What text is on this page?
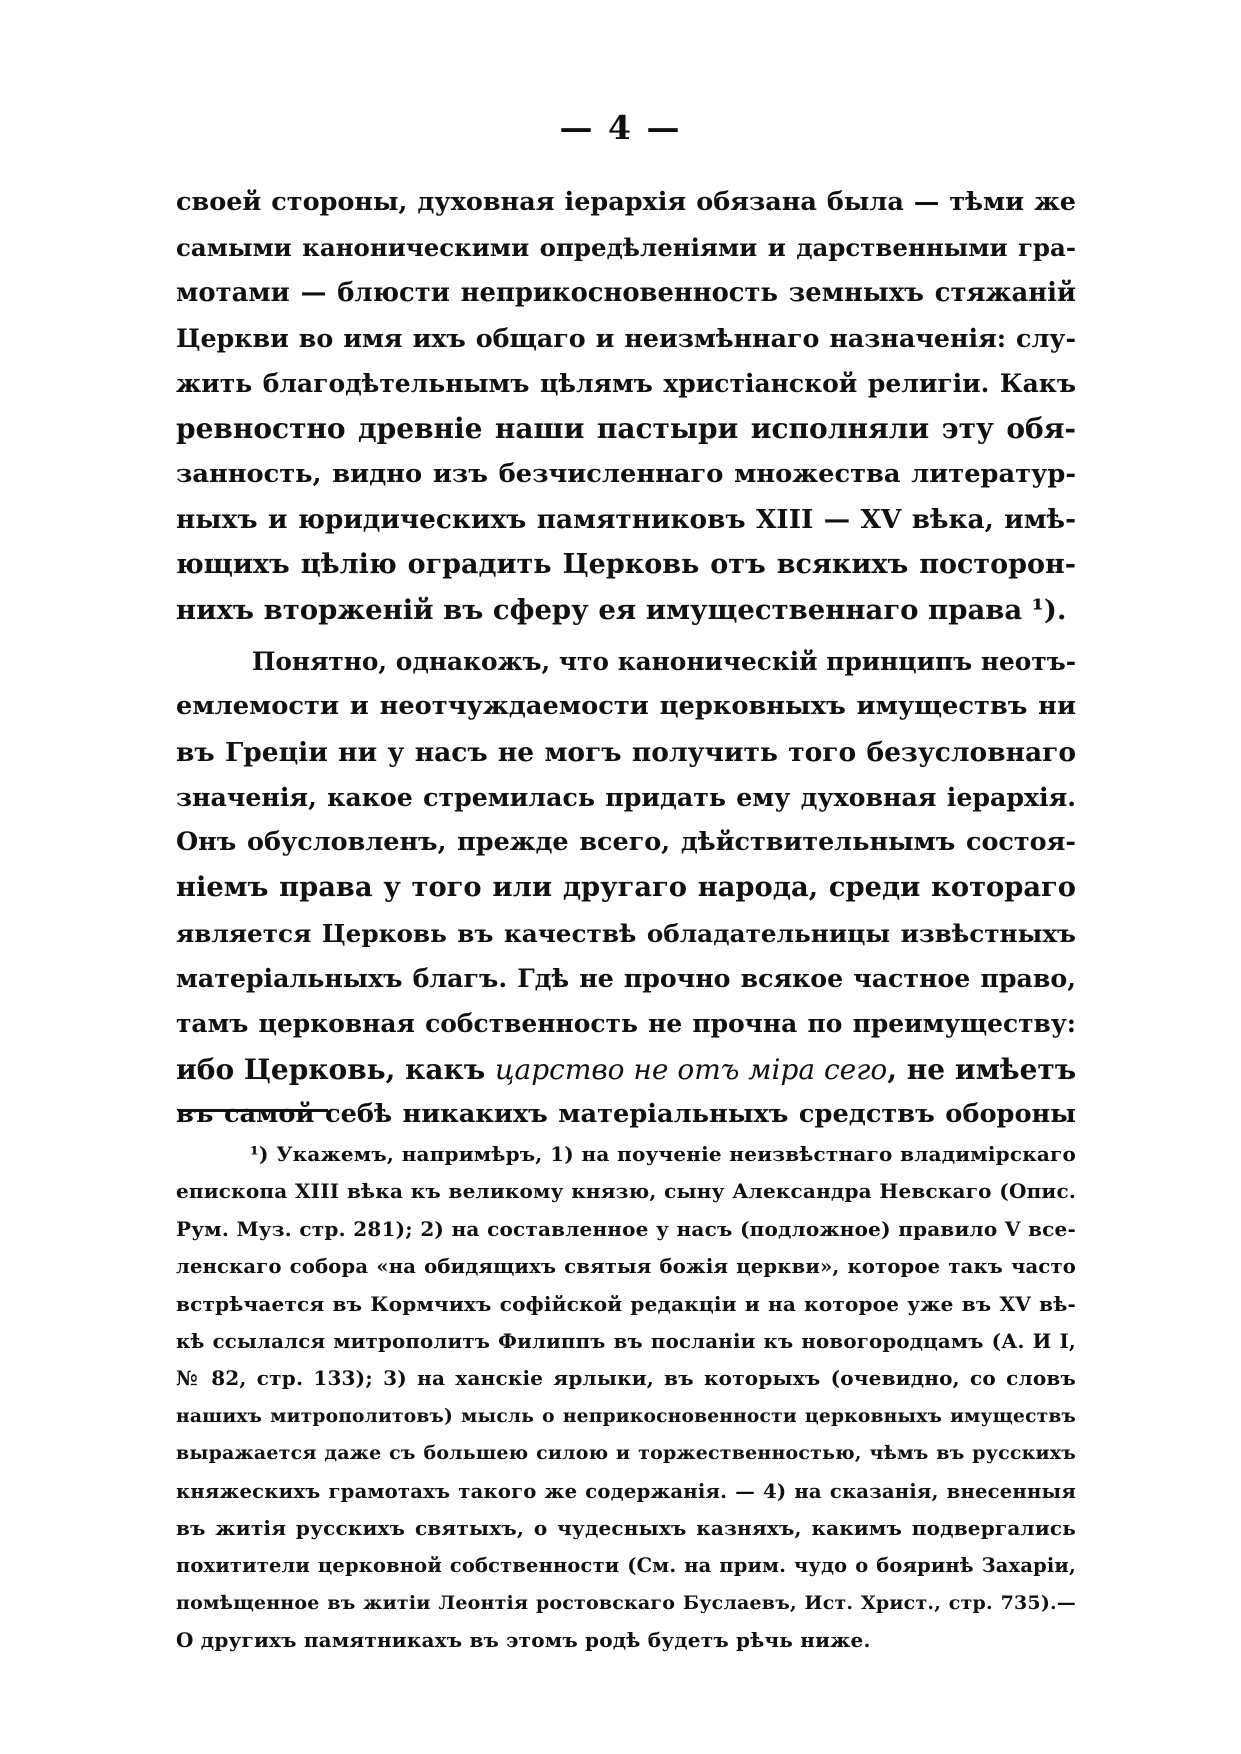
— 4 —
своей стороны, духовная іерархія обязана была — тѣми же
самыми каноническими опредѣленіями и дарственными гра-
мотами — блюсти неприкосновенность земныхъ стяжаній
Церкви во имя ихъ общаго и неизмѣннаго назначенія: слу-
жить благодѣтельнымъ цѣлямъ христіанской религіи. Какъ
ревностно древніе наши пастыри исполняли эту обя-
занность, видно изъ безчисленнаго множества литератур-
ныхъ и юридическихъ памятниковъ XIII — XV вѣка, имѣ-
ющихъ цѣлію оградить Церковь отъ всякихъ посторон-
нихъ вторженій въ сферу ея имущественнаго права ¹).
Понятно, однакожъ, что каноническій принципъ неотъ-
емлемости и неотчуждаемости церковныхъ имуществъ ни
въ Греціи ни у насъ не могъ получить того безусловнаго
значенія, какое стремилась придать ему духовная іерархія.
Онъ обусловленъ, прежде всего, дѣйствительнымъ состоя-
ніемъ права у того или другаго народа, среди котораго
является Церковь въ качествѣ обладательницы извѣстныхъ
матеріальныхъ благъ. Гдѣ не прочно всякое частное право,
тамъ церковная собственность не прочна по преимуществу:
ибо Церковь, какъ царство не отъ міра сего, не имѣетъ
въ самой себѣ никакихъ матеріальныхъ средствъ обороны
¹) Укажемъ, напримѣръ, 1) на поученіе неизвѣстнаго владимірскаго
епископа XIII вѣка къ великому князю, сыну Александра Невскаго (Опис.
Рум. Муз. стр. 281); 2) на составленное у насъ (подложное) правило V все-
ленскаго собора «на обидящихъ святыя божія церкви», которое такъ часто
встрѣчается въ Кормчихъ софійской редакціи и на которое уже въ XV вѣ-
кѣ ссылался митрополитъ Филиппъ въ посланіи къ новогородцамъ (А. И I,
№ 82, стр. 133); 3) на ханскіе ярлыки, въ которыхъ (очевидно, со словъ
нашихъ митрополитовъ) мысль о неприкосновенности церковныхъ имуществъ
выражается даже съ большею силою и торжественностью, чѣмъ въ русскихъ
княжескихъ грамотахъ такого же содержанія. — 4) на сказанія, внесенныя
въ житія русскихъ святыхъ, о чудесныхъ казняхъ, какимъ подвергались
похитители церковной собственности (См. на прим. чудо о бояринѣ Захаріи,
помѣщенное въ житіи Леонтія ростовскаго Буслаевъ, Ист. Христ., стр. 735).—
О другихъ памятникахъ въ этомъ родѣ будетъ рѣчь ниже.
